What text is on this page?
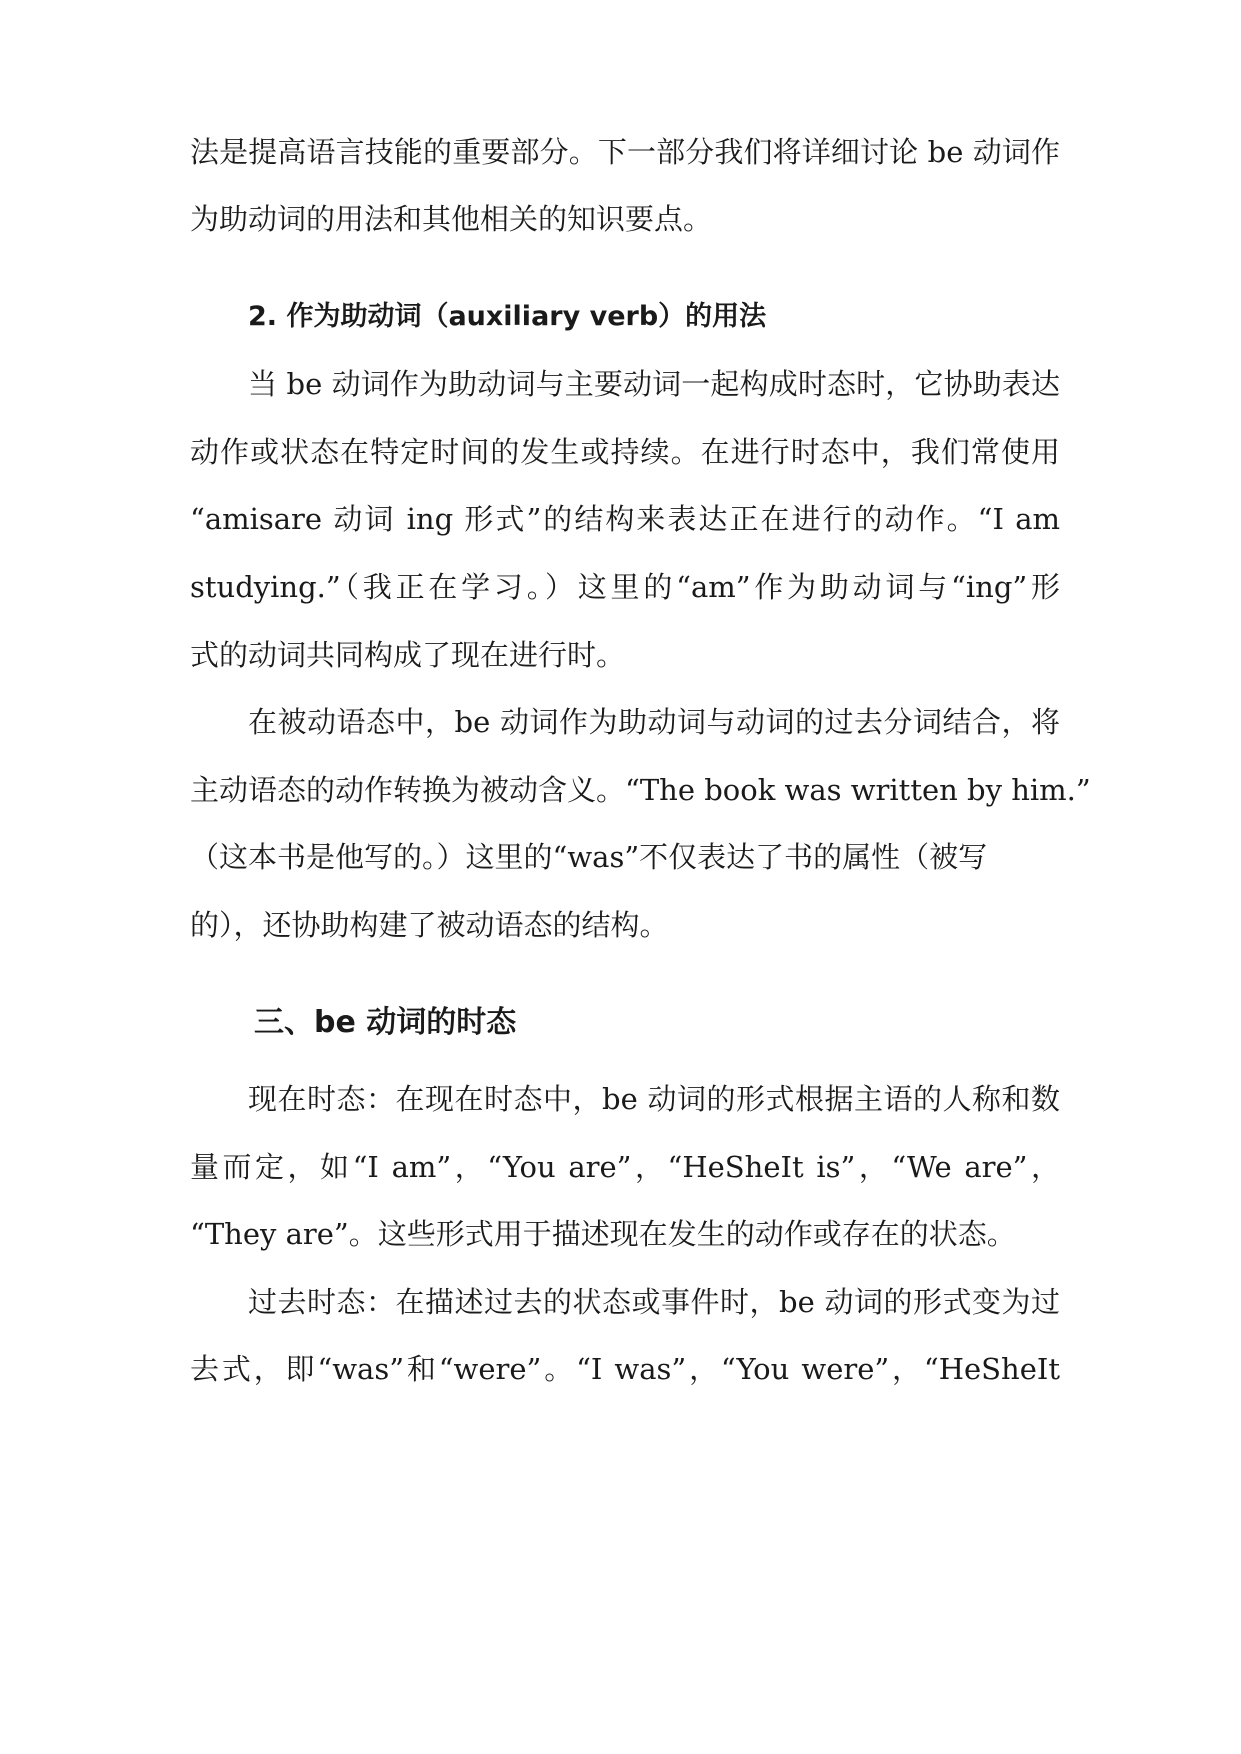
法是提高语言技能的重要部分。下一部分我们将详细讨论 be 动词作
为助动词的用法和其他相关的知识要点。
2. 作为助动词（auxiliary verb）的用法
当 be 动词作为助动词与主要动词一起构成时态时，它协助表达
动作或状态在特定时间的发生或持续。在进行时态中，我们常使用
“amisare 动词 ing 形式”的结构来表达正在进行的动作。“I am
studying.”（我正在学习。）这里的“am”作为助动词与“ing”形
式的动词共同构成了现在进行时。
在被动语态中，be 动词作为助动词与动词的过去分词结合，将
主动语态的动作转换为被动含义。“The book was written by him.”
（这本书是他写的。）这里的“was”不仅表达了书的属性（被写
的），还协助构建了被动语态的结构。
三、be 动词的时态
现在时态：在现在时态中，be 动词的形式根据主语的人称和数
量而定，如“I am”，“You are”，“HeSheIt is”，“We are”，
“They are”。这些形式用于描述现在发生的动作或存在的状态。
过去时态：在描述过去的状态或事件时，be 动词的形式变为过
去式，即“was”和“were”。“I was”，“You were”，“HeSheIt
